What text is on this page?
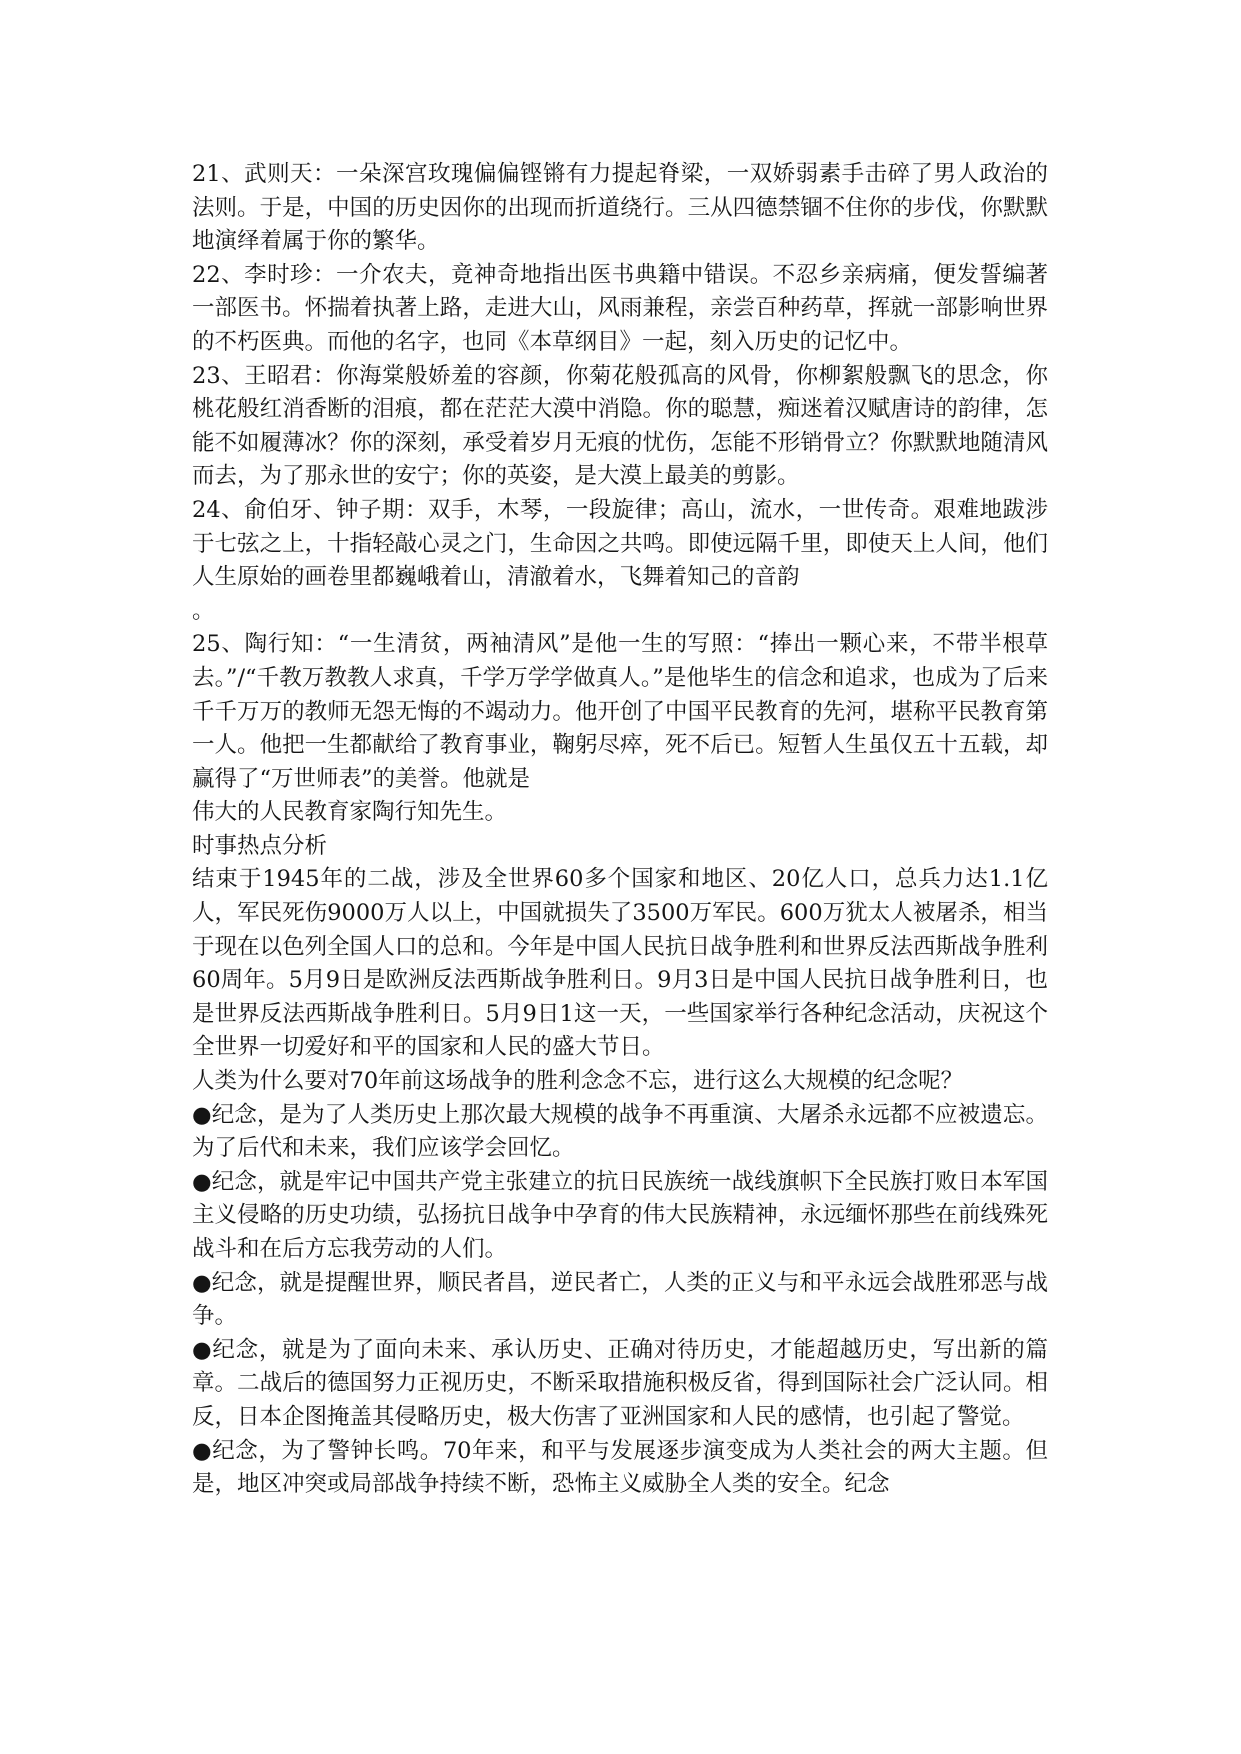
21、武则天：一朵深宫玫瑰偏偏铿锵有力提起脊梁，一双娇弱素手击碎了男人政治的法则。于是，中国的历史因你的出现而折道绕行。三从四德禁锢不住你的步伐，你默默地演绎着属于你的繁华。

22、李时珍：一介农夫，竟神奇地指出医书典籍中错误。不忍乡亲病痛，便发誓编著一部医书。怀揣着执著上路，走进大山，风雨兼程，亲尝百种药草，挥就一部影响世界的不朽医典。而他的名字，也同《本草纲目》一起，刻入历史的记忆中。

23、王昭君：你海棠般娇羞的容颜，你菊花般孤高的风骨，你柳絮般飘飞的思念，你桃花般红消香断的泪痕，都在茫茫大漠中消隐。你的聪慧，痴迷着汉赋唐诗的韵律，怎能不如履薄冰？你的深刻，承受着岁月无痕的忧伤，怎能不形销骨立？你默默地随清风而去，为了那永世的安宁；你的英姿，是大漠上最美的剪影。

24、俞伯牙、钟子期：双手，木琴，一段旋律；高山，流水，一世传奇。艰难地跋涉于七弦之上，十指轻敲心灵之门，生命因之共鸣。即使远隔千里，即使天上人间，他们人生原始的画卷里都巍峨着山，清澈着水，飞舞着知己的音韵

。

25、陶行知：“一生清贫，两袖清风”是他一生的写照：“捧出一颗心来，不带半根草去。”/“千教万教教人求真，千学万学学做真人。”是他毕生的信念和追求，也成为了后来千千万万的教师无怨无悔的不竭动力。他开创了中国平民教育的先河，堪称平民教育第一人。他把一生都献给了教育事业，鞠躬尽瘁，死不后已。短暂人生虽仅五十五载，却赢得了“万世师表”的美誉。他就是

伟大的人民教育家陶行知先生。

时事热点分析

结束于1945年的二战，涉及全世界60多个国家和地区、20亿人口，总兵力达1.1亿人，军民死伤9000万人以上，中国就损失了3500万军民。600万犹太人被屠杀，相当于现在以色列全国人口的总和。今年是中国人民抗日战争胜利和世界反法西斯战争胜利60周年。5月9日是欧洲反法西斯战争胜利日。9月3日是中国人民抗日战争胜利日，也是世界反法西斯战争胜利日。5月9日1这一天，一些国家举行各种纪念活动，庆祝这个全世界一切爱好和平的国家和人民的盛大节日。

人类为什么要对70年前这场战争的胜利念念不忘，进行这么大规模的纪念呢？

●纪念，是为了人类历史上那次最大规模的战争不再重演、大屠杀永远都不应被遗忘。为了后代和未来，我们应该学会回忆。

●纪念，就是牢记中国共产党主张建立的抗日民族统一战线旗帜下全民族打败日本军国主义侵略的历史功绩，弘扬抗日战争中孕育的伟大民族精神，永远缅怀那些在前线殊死战斗和在后方忘我劳动的人们。

●纪念，就是提醒世界，顺民者昌，逆民者亡，人类的正义与和平永远会战胜邪恶与战争。

●纪念，就是为了面向未来、承认历史、正确对待历史，才能超越历史，写出新的篇章。二战后的德国努力正视历史，不断采取措施积极反省，得到国际社会广泛认同。相反，日本企图掩盖其侵略历史，极大伤害了亚洲国家和人民的感情，也引起了警觉。

●纪念，为了警钟长鸣。70年来，和平与发展逐步演变成为人类社会的两大主题。但是，地区冲突或局部战争持续不断，恐怖主义威胁全人类的安全。纪念
